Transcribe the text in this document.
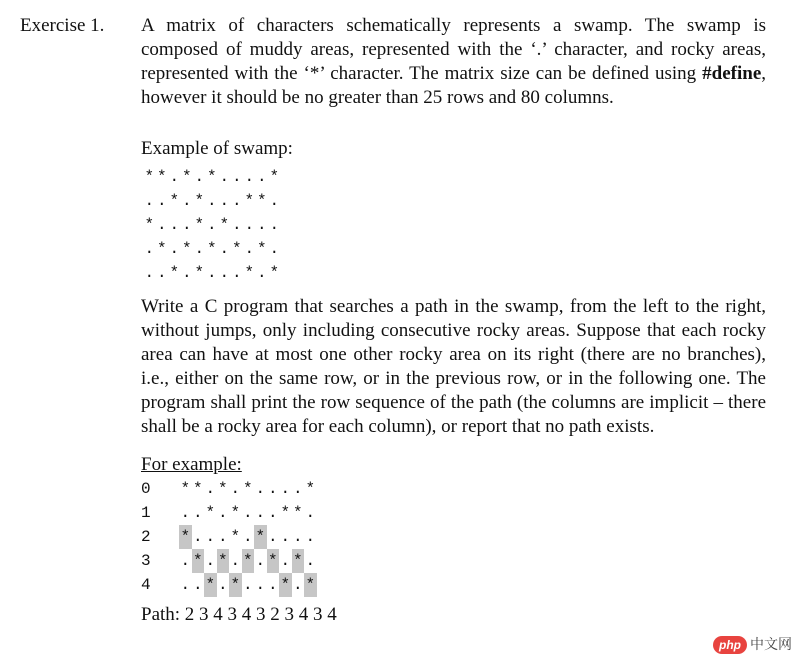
Exercise 1. A matrix of characters schematically represents a swamp. The swamp is composed of muddy areas, represented with the ‘.’ character, and rocky areas, represented with the ‘*’ character. The matrix size can be defined using #define, however it should be no greater than 25 rows and 80 columns.

Example of swamp:
* * . * . * . . . . *
. . * . * . . . * * .
* . . . * . * . . . .
. * . * . * . * . * .
. . * . * . . . * . *

Write a C program that searches a path in the swamp, from the left to the right, without jumps, only including consecutive rocky areas. Suppose that each rocky area can have at most one other rocky area on its right (there are no branches), i.e., either on the same row, or in the previous row, or in the following one. The program shall print the row sequence of the path (the columns are implicit – there shall be a rocky area for each column), or report that no path exists.

For example:
0	* * . * . * . . . . *
1	. . * . * . . . * * .
2	* . . . * . * . . . .
3	. * . * . * . * . * .
4	. . * . * . . . * . *
Path: 2 3 4 3 4 3 2 3 4 3 4
php 中文网
